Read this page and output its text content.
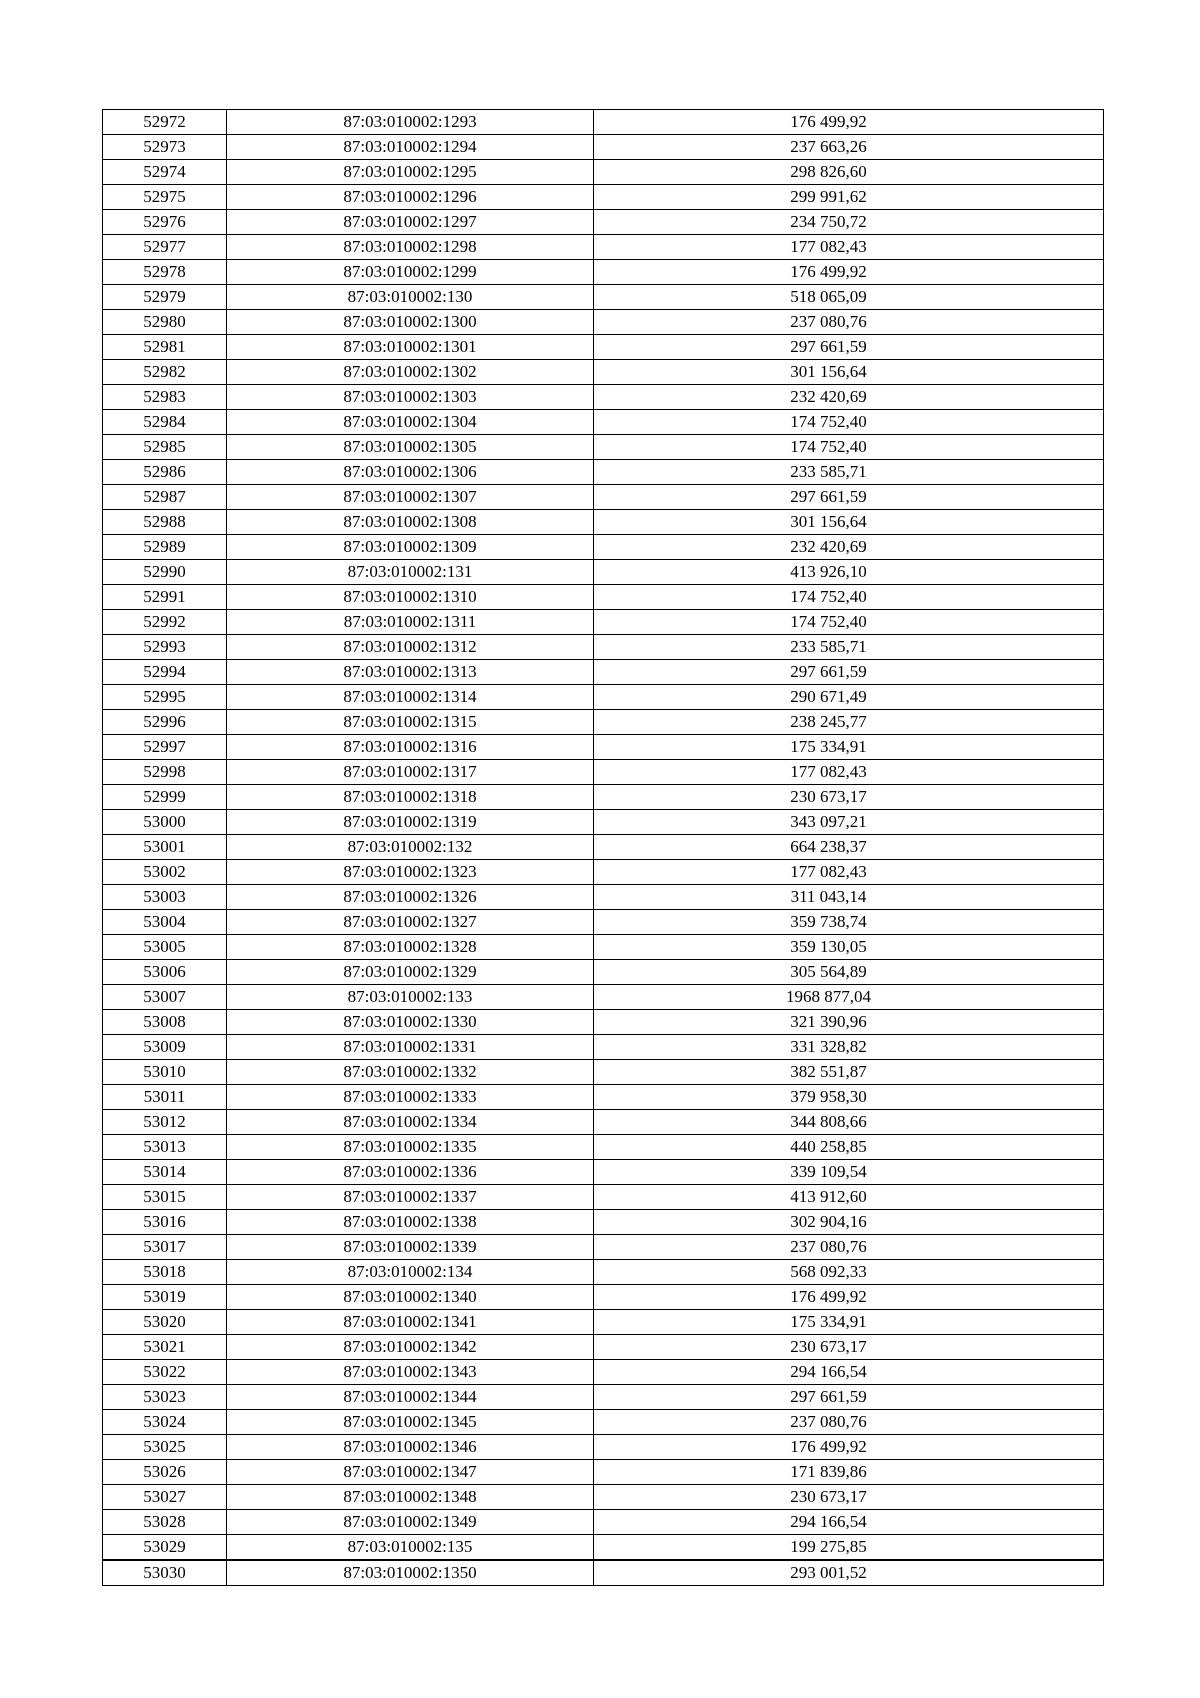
52972	87:03:010002:1293	176 499,92
52973	87:03:010002:1294	237 663,26
52974	87:03:010002:1295	298 826,60
52975	87:03:010002:1296	299 991,62
52976	87:03:010002:1297	234 750,72
52977	87:03:010002:1298	177 082,43
52978	87:03:010002:1299	176 499,92
52979	87:03:010002:130	518 065,09
52980	87:03:010002:1300	237 080,76
52981	87:03:010002:1301	297 661,59
52982	87:03:010002:1302	301 156,64
52983	87:03:010002:1303	232 420,69
52984	87:03:010002:1304	174 752,40
52985	87:03:010002:1305	174 752,40
52986	87:03:010002:1306	233 585,71
52987	87:03:010002:1307	297 661,59
52988	87:03:010002:1308	301 156,64
52989	87:03:010002:1309	232 420,69
52990	87:03:010002:131	413 926,10
52991	87:03:010002:1310	174 752,40
52992	87:03:010002:1311	174 752,40
52993	87:03:010002:1312	233 585,71
52994	87:03:010002:1313	297 661,59
52995	87:03:010002:1314	290 671,49
52996	87:03:010002:1315	238 245,77
52997	87:03:010002:1316	175 334,91
52998	87:03:010002:1317	177 082,43
52999	87:03:010002:1318	230 673,17
53000	87:03:010002:1319	343 097,21
53001	87:03:010002:132	664 238,37
53002	87:03:010002:1323	177 082,43
53003	87:03:010002:1326	311 043,14
53004	87:03:010002:1327	359 738,74
53005	87:03:010002:1328	359 130,05
53006	87:03:010002:1329	305 564,89
53007	87:03:010002:133	1968 877,04
53008	87:03:010002:1330	321 390,96
53009	87:03:010002:1331	331 328,82
53010	87:03:010002:1332	382 551,87
53011	87:03:010002:1333	379 958,30
53012	87:03:010002:1334	344 808,66
53013	87:03:010002:1335	440 258,85
53014	87:03:010002:1336	339 109,54
53015	87:03:010002:1337	413 912,60
53016	87:03:010002:1338	302 904,16
53017	87:03:010002:1339	237 080,76
53018	87:03:010002:134	568 092,33
53019	87:03:010002:1340	176 499,92
53020	87:03:010002:1341	175 334,91
53021	87:03:010002:1342	230 673,17
53022	87:03:010002:1343	294 166,54
53023	87:03:010002:1344	297 661,59
53024	87:03:010002:1345	237 080,76
53025	87:03:010002:1346	176 499,92
53026	87:03:010002:1347	171 839,86
53027	87:03:010002:1348	230 673,17
53028	87:03:010002:1349	294 166,54
53029	87:03:010002:135	199 275,85
53030	87:03:010002:1350	293 001,52
